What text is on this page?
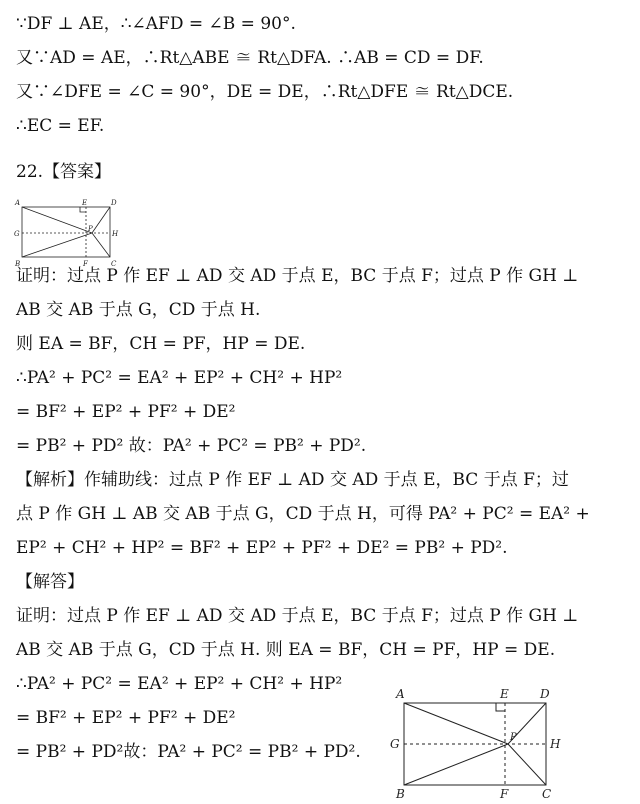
∵DF ⊥ AE，∴∠AFD = ∠B = 90°.
又∵AD = AE，∴Rt△ABE ≅ Rt△DFA. ∴AB = CD = DF.
又∵∠DFE = ∠C = 90°，DE = DE，∴Rt△DFE ≅ Rt△DCE.
∴EC = EF.
22.【答案】
证明：过点 P 作 EF ⊥ AD 交 AD 于点 E，BC 于点 F；过点 P 作 GH ⊥
AB 交 AB 于点 G，CD 于点 H.
则 EA = BF，CH = PF，HP = DE.
∴PA² + PC² = EA² + EP² + CH² + HP²
= BF² + EP² + PF² + DE²
= PB² + PD² 故：PA² + PC² = PB² + PD².
【解析】作辅助线：过点 P 作 EF ⊥ AD 交 AD 于点 E，BC 于点 F；过
点 P 作 GH ⊥ AB 交 AB 于点 G，CD 于点 H，可得 PA² + PC² = EA² +
EP² + CH² + HP² = BF² + EP² + PF² + DE² = PB² + PD².
【解答】
证明：过点 P 作 EF ⊥ AD 交 AD 于点 E，BC 于点 F；过点 P 作 GH ⊥
AB 交 AB 于点 G，CD 于点 H. 则 EA = BF，CH = PF，HP = DE.
∴PA² + PC² = EA² + EP² + CH² + HP²
= BF² + EP² + PF² + DE²
= PB² + PD²故：PA² + PC² = PB² + PD².
A	E	D
G
P
H
B	F	C
A	E	D
G	P	H
B	F	C
